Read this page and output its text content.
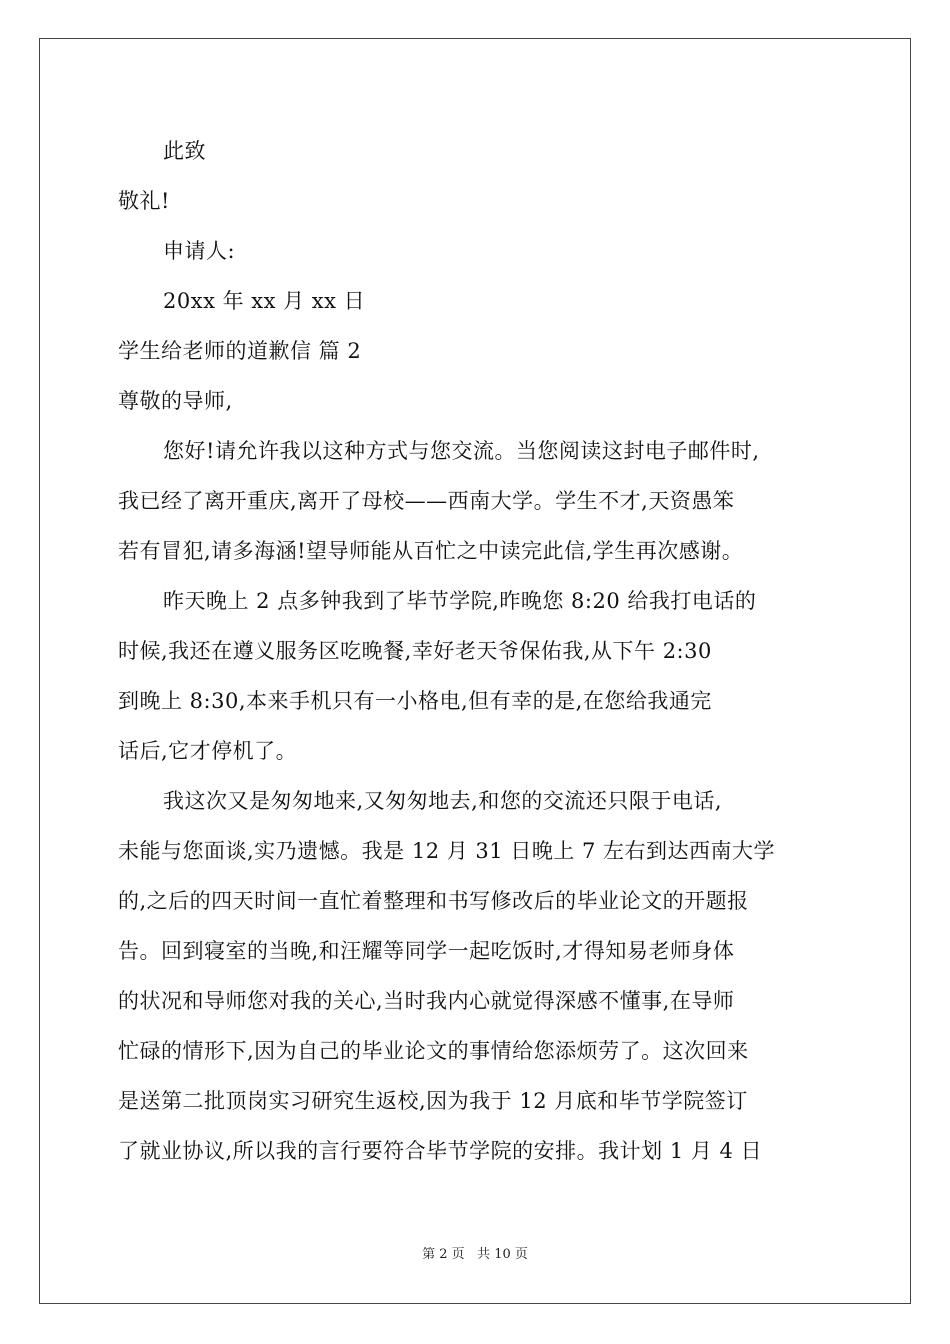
此致
敬礼!
申请人:
20xx 年 xx 月 xx 日
学生给老师的道歉信 篇 2
尊敬的导师,
您好!请允许我以这种方式与您交流。当您阅读这封电子邮件时,
我已经了离开重庆,离开了母校——西南大学。学生不才,天资愚笨
若有冒犯,请多海涵!望导师能从百忙之中读完此信,学生再次感谢。
昨天晚上 2 点多钟我到了毕节学院,昨晚您 8:20 给我打电话的
时候,我还在遵义服务区吃晚餐,幸好老天爷保佑我,从下午 2:30
到晚上 8:30,本来手机只有一小格电,但有幸的是,在您给我通完
话后,它才停机了。
我这次又是匆匆地来,又匆匆地去,和您的交流还只限于电话,
未能与您面谈,实乃遗憾。我是 12 月 31 日晚上 7 左右到达西南大学
的,之后的四天时间一直忙着整理和书写修改后的毕业论文的开题报
告。回到寝室的当晚,和汪耀等同学一起吃饭时,才得知易老师身体
的状况和导师您对我的关心,当时我内心就觉得深感不懂事,在导师
忙碌的情形下,因为自己的毕业论文的事情给您添烦劳了。这次回来
是送第二批顶岗实习研究生返校,因为我于 12 月底和毕节学院签订
了就业协议,所以我的言行要符合毕节学院的安排。我计划 1 月 4 日
第 2 页   共 10 页
